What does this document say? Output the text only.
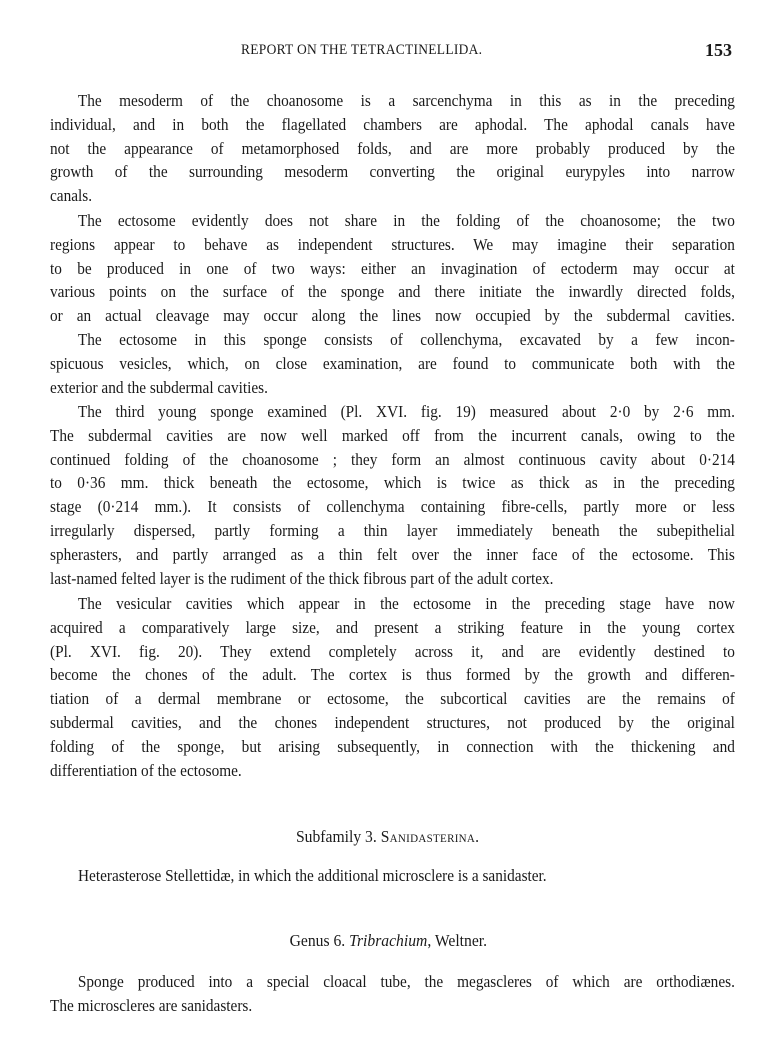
REPORT ON THE TETRACTINELLIDA.	153
The mesoderm of the choanosome is a sarcenchyma in this as in the preceding
individual, and in both the flagellated chambers are aphodal. The aphodal canals have
not the appearance of metamorphosed folds, and are more probably produced by the
growth of the surrounding mesoderm converting the original eurypyles into narrow
canals.
The ectosome evidently does not share in the folding of the choanosome; the two
regions appear to behave as independent structures. We may imagine their separation
to be produced in one of two ways: either an invagination of ectoderm may occur at
various points on the surface of the sponge and there initiate the inwardly directed folds,
or an actual cleavage may occur along the lines now occupied by the subdermal cavities.
The ectosome in this sponge consists of collenchyma, excavated by a few incon-
spicuous vesicles, which, on close examination, are found to communicate both with the
exterior and the subdermal cavities.
The third young sponge examined (Pl. XVI. fig. 19) measured about 2·0 by 2·6 mm.
The subdermal cavities are now well marked off from the incurrent canals, owing to the
continued folding of the choanosome ; they form an almost continuous cavity about 0·214
to 0·36 mm. thick beneath the ectosome, which is twice as thick as in the preceding
stage (0·214 mm.). It consists of collenchyma containing fibre-cells, partly more or less
irregularly dispersed, partly forming a thin layer immediately beneath the subepithelial
spherasters, and partly arranged as a thin felt over the inner face of the ectosome. This
last-named felted layer is the rudiment of the thick fibrous part of the adult cortex.
The vesicular cavities which appear in the ectosome in the preceding stage have now
acquired a comparatively large size, and present a striking feature in the young cortex
(Pl. XVI. fig. 20). They extend completely across it, and are evidently destined to
become the chones of the adult. The cortex is thus formed by the growth and differen-
tiation of a dermal membrane or ectosome, the subcortical cavities are the remains of
subdermal cavities, and the chones independent structures, not produced by the original
folding of the sponge, but arising subsequently, in connection with the thickening and
differentiation of the ectosome.
Subfamily 3. Sanidasterina.
Heterasterose Stellettidæ, in which the additional microsclere is a sanidaster.
Genus 6. Tribrachium, Weltner.
Sponge produced into a special cloacal tube, the megascleres of which are orthodiænes.
The microscleres are sanidasters.
